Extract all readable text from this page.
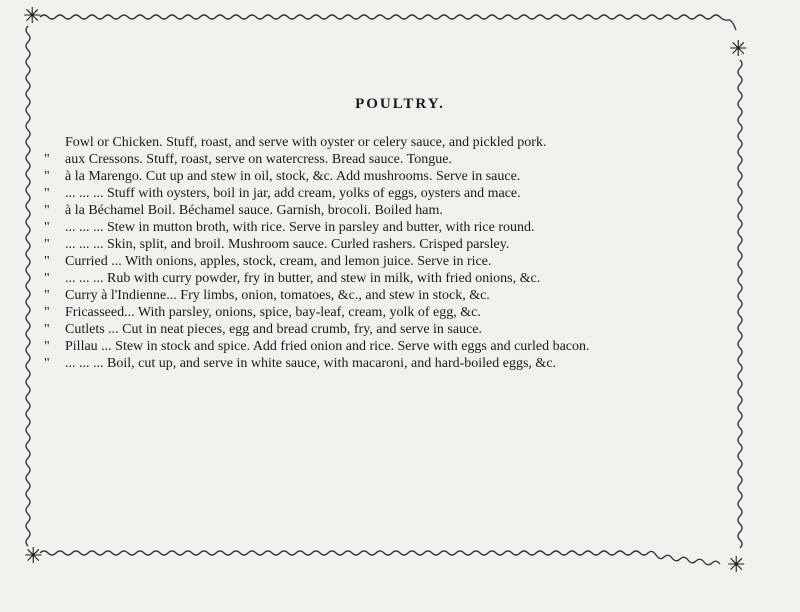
✳
✳
✳	✳
POULTRY.
Fowl or Chicken. Stuff, roast, and serve with oyster or celery sauce, and pickled pork.
" aux Cressons. Stuff, roast, serve on watercress. Bread sauce. Tongue.
" à la Marengo. Cut up and stew in oil, stock, &c. Add mushrooms. Serve in sauce.
" ... ... ... Stuff with oysters, boil in jar, add cream, yolks of eggs, oysters and mace.
" à la Béchamel Boil. Béchamel sauce. Garnish, brocoli. Boiled ham.
" ... ... ... Stew in mutton broth, with rice. Serve in parsley and butter, with rice round.
" ... ... ... Skin, split, and broil. Mushroom sauce. Curled rashers. Crisped parsley.
" Curried ... With onions, apples, stock, cream, and lemon juice. Serve in rice.
" ... ... ... Rub with curry powder, fry in butter, and stew in milk, with fried onions, &c.
" Curry à l'Indienne... Fry limbs, onion, tomatoes, &c., and stew in stock, &c.
" Fricasseed... With parsley, onions, spice, bay-leaf, cream, yolk of egg, &c.
" Cutlets ... Cut in neat pieces, egg and bread crumb, fry, and serve in sauce.
" Pillau ... Stew in stock and spice. Add fried onion and rice. Serve with eggs and curled bacon.
" ... ... ... Boil, cut up, and serve in white sauce, with macaroni, and hard-boiled eggs, &c.
